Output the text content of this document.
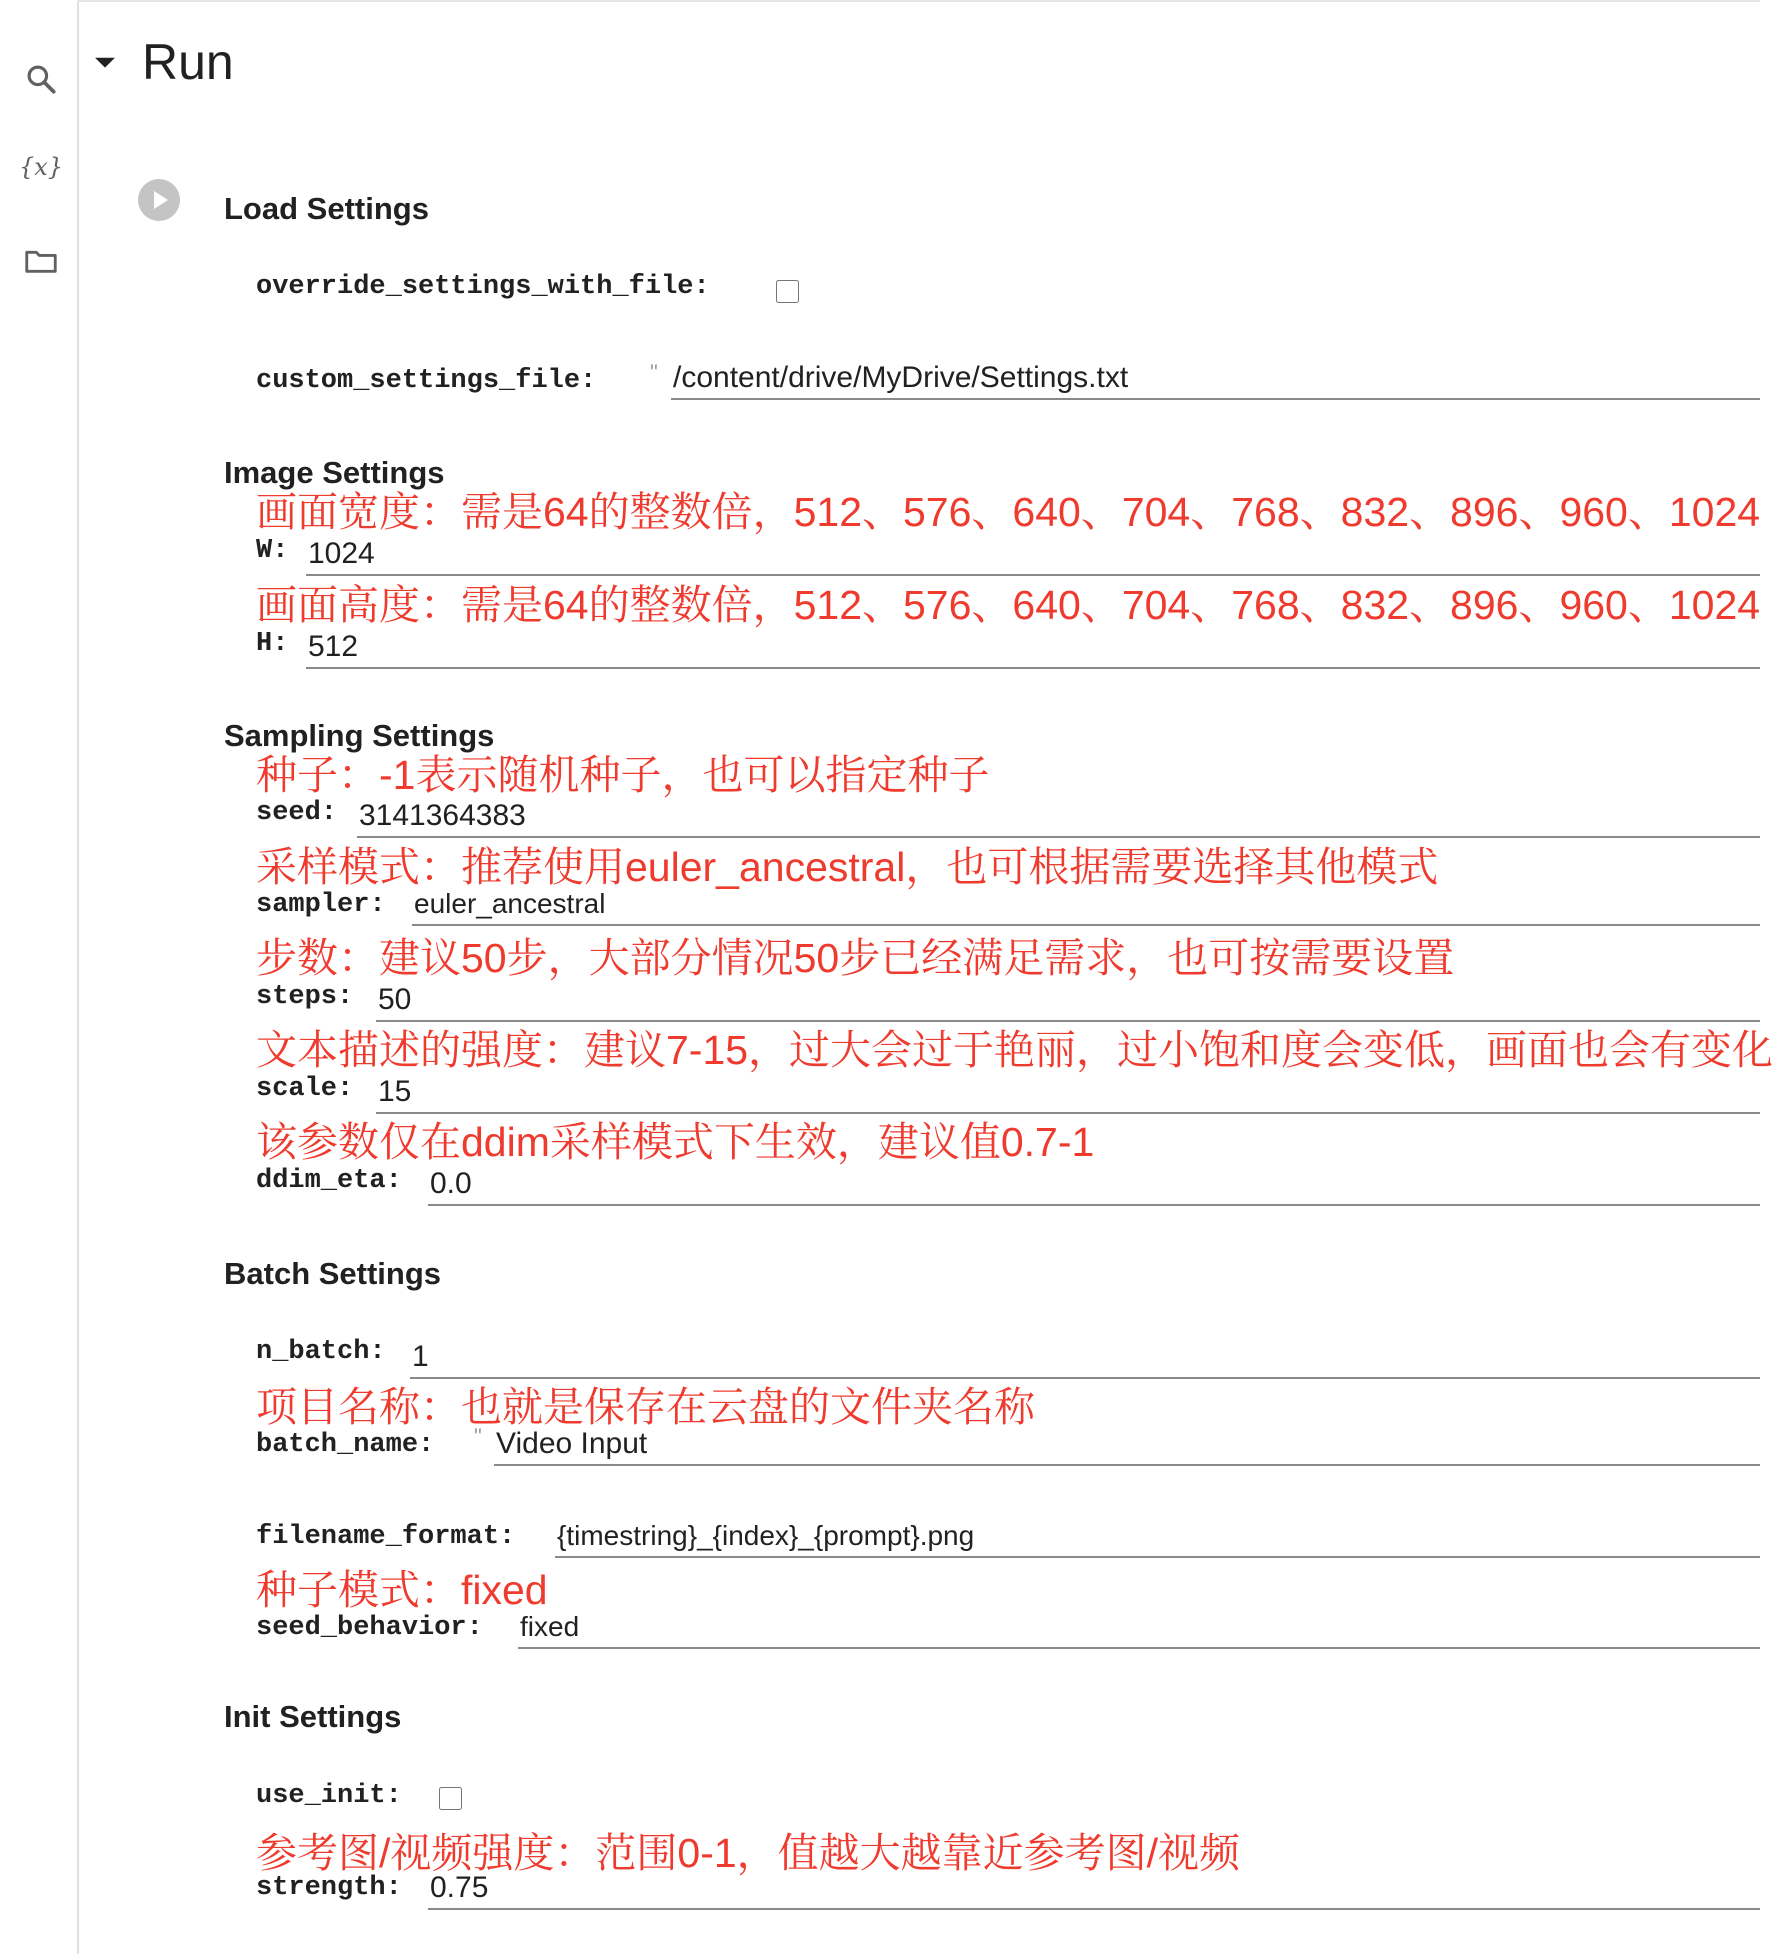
{x}
Run
Load Settings
override_settings_with_file:
custom_settings_file: " /content/drive/MyDrive/Settings.txt
Image Settings
画面宽度：需是64的整数倍，512、576、640、704、768、832、896、960、1024
W: 1024
画面高度：需是64的整数倍，512、576、640、704、768、832、896、960、1024
H: 512
Sampling Settings
种子：-1表示随机种子，也可以指定种子
seed: 3141364383
采样模式：推荐使用euler_ancestral，也可根据需要选择其他模式
sampler: euler_ancestral
步数：建议50步，大部分情况50步已经满足需求，也可按需要设置
steps: 50
文本描述的强度：建议7-15，过大会过于艳丽，过小饱和度会变低，画面也会有变化
scale: 15
该参数仅在ddim采样模式下生效，建议值0.7-1
ddim_eta: 0.0
Batch Settings
n_batch: 1
项目名称：也就是保存在云盘的文件夹名称
batch_name: " Video Input
filename_format: {timestring}_{index}_{prompt}.png
种子模式：fixed
seed_behavior: fixed
Init Settings
use_init:
参考图/视频强度：范围0-1，值越大越靠近参考图/视频
strength: 0.75
